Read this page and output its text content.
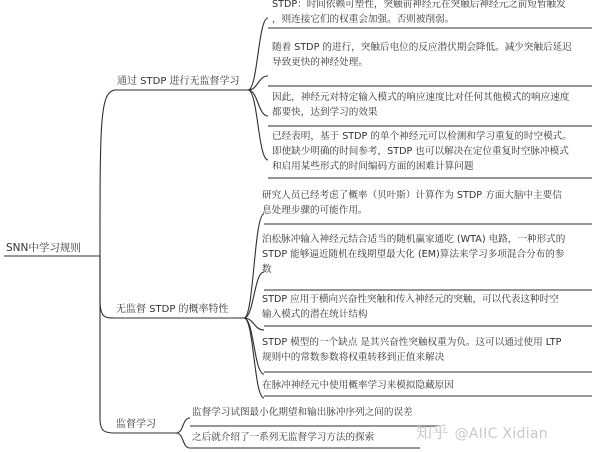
SNN中学习规则
通过 STDP 进行无监督学习
无监督 STDP 的概率特性
监督学习
STDP：时间依赖可塑性，突触前神经元在突触后神经元之前短暂触发
，则连接它们的权重会加强。否则被削弱。
随着 STDP 的进行，突触后电位的反应潜伏期会降低。减少突触后延迟
导致更快的神经处理。
因此，神经元对特定输入模式的响应速度比对任何其他模式的响应速度
都要快，达到学习的效果
已经表明，基于 STDP 的单个神经元可以检测和学习重复的时空模式。
即使缺少明确的时间参考，STDP 也可以解决在定位重复时空脉冲模式
和启用某些形式的时间编码方面的困难计算问题
研究人员已经考虑了概率（贝叶斯）计算作为 STDP 方面大脑中主要信
息处理步骤的可能作用。
泊松脉冲输入神经元结合适当的随机赢家通吃 (WTA) 电路，一种形式的
STDP 能够逼近随机在线期望最大化 (EM)算法来学习多项混合分布的参
数
STDP 应用于横向兴奋性突触和传入神经元的突触，可以代表这种时空
输入模式的潜在统计结构
STDP 模型的一个缺点 是其兴奋性突触权重为负。这可以通过使用 LTP
规则中的常数参数将权重转移到正值来解决
在脉冲神经元中使用概率学习来模拟隐藏原因
监督学习试图最小化期望和输出脉冲序列之间的误差
之后就介绍了一系列无监督学习方法的探索	知乎 @AIIC Xidian
